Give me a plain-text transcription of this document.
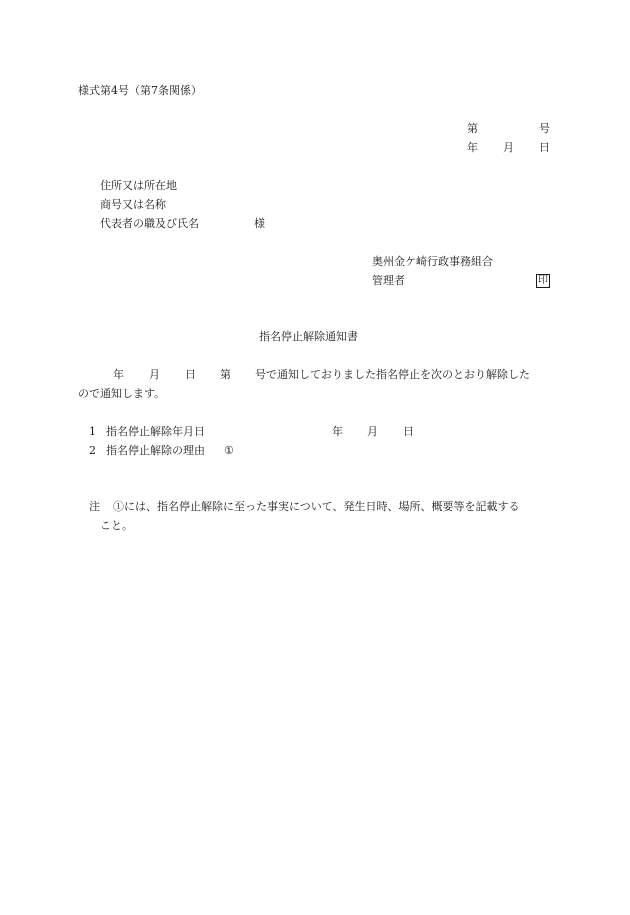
様式第4号（第7条関係）
第	号
年 月 日
住所又は所在地
商号又は名称
代表者の職及び氏名	様
奥州金ケ崎行政事務組合
管理者	印
指名停止解除通知書
年 月 日 第 号で通知しておりました指名停止を次のとおり解除した
ので通知します。
1 指名停止解除年月日	年 月 日
2 指名停止解除の理由 ①
注 ①には、指名停止解除に至った事実について、発生日時、場所、概要等を記載する
こと。
